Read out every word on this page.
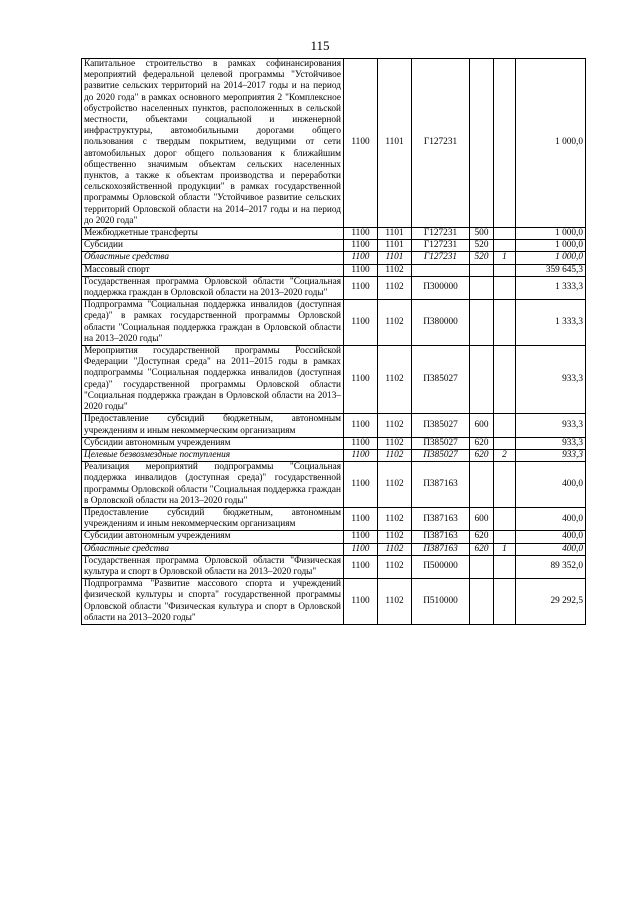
115
Капитальное строительство в рамках софинансирования мероприятий федеральной целевой программы "Устойчивое развитие сельских территорий на 2014–2017 годы и на период до 2020 года" в рамках основного мероприятия 2 "Комплексное обустройство населенных пунктов, расположенных в сельской местности, объектами социальной и инженерной инфраструктуры, автомобильными дорогами общего пользования с твердым покрытием, ведущими от сети автомобильных дорог общего пользования к ближайшим общественно значимым объектам сельских населенных пунктов, а также к объектам производства и переработки сельскохозяйственной продукции" в рамках государственной программы Орловской области "Устойчивое развитие сельских территорий Орловской области на 2014–2017 годы и на период до 2020 года"	1100	1101	Г127231			1 000,0
Межбюджетные трансферты	1100	1101	Г127231	500		1 000,0
Субсидии	1100	1101	Г127231	520		1 000,0
Областные средства	1100	1101	Г127231	520	1	1 000,0
Массовый спорт	1100	1102				359 645,3
Государственная программа Орловской области "Социальная поддержка граждан в Орловской области на 2013–2020 годы"	1100	1102	П300000			1 333,3
Подпрограмма "Социальная поддержка инвалидов (доступная среда)" в рамках государственной программы Орловской области "Социальная поддержка граждан в Орловской области на 2013–2020 годы"	1100	1102	П380000			1 333,3
Мероприятия государственной программы Российской Федерации "Доступная среда" на 2011–2015 годы в рамках подпрограммы "Социальная поддержка инвалидов (доступная среда)" государственной программы Орловской области "Социальная поддержка граждан в Орловской области на 2013–2020 годы"	1100	1102	П385027			933,3
Предоставление субсидий бюджетным, автономным учреждениям и иным некоммерческим организациям	1100	1102	П385027	600		933,3
Субсидии автономным учреждениям	1100	1102	П385027	620		933,3
Целевые безвозмездные поступления	1100	1102	П385027	620	2	933,3
Реализация мероприятий подпрограммы "Социальная поддержка инвалидов (доступная среда)" государственной программы Орловской области "Социальная поддержка граждан в Орловской области на 2013–2020 годы"	1100	1102	П387163			400,0
Предоставление субсидий бюджетным, автономным учреждениям и иным некоммерческим организациям	1100	1102	П387163	600		400,0
Субсидии автономным учреждениям	1100	1102	П387163	620		400,0
Областные средства	1100	1102	П387163	620	1	400,0
Государственная программа Орловской области "Физическая культура и спорт в Орловской области на 2013–2020 годы"	1100	1102	П500000			89 352,0
Подпрограмма "Развитие массового спорта и учреждений физической культуры и спорта" государственной программы Орловской области "Физическая культура и спорт в Орловской области на 2013–2020 годы"	1100	1102	П510000			29 292,5
